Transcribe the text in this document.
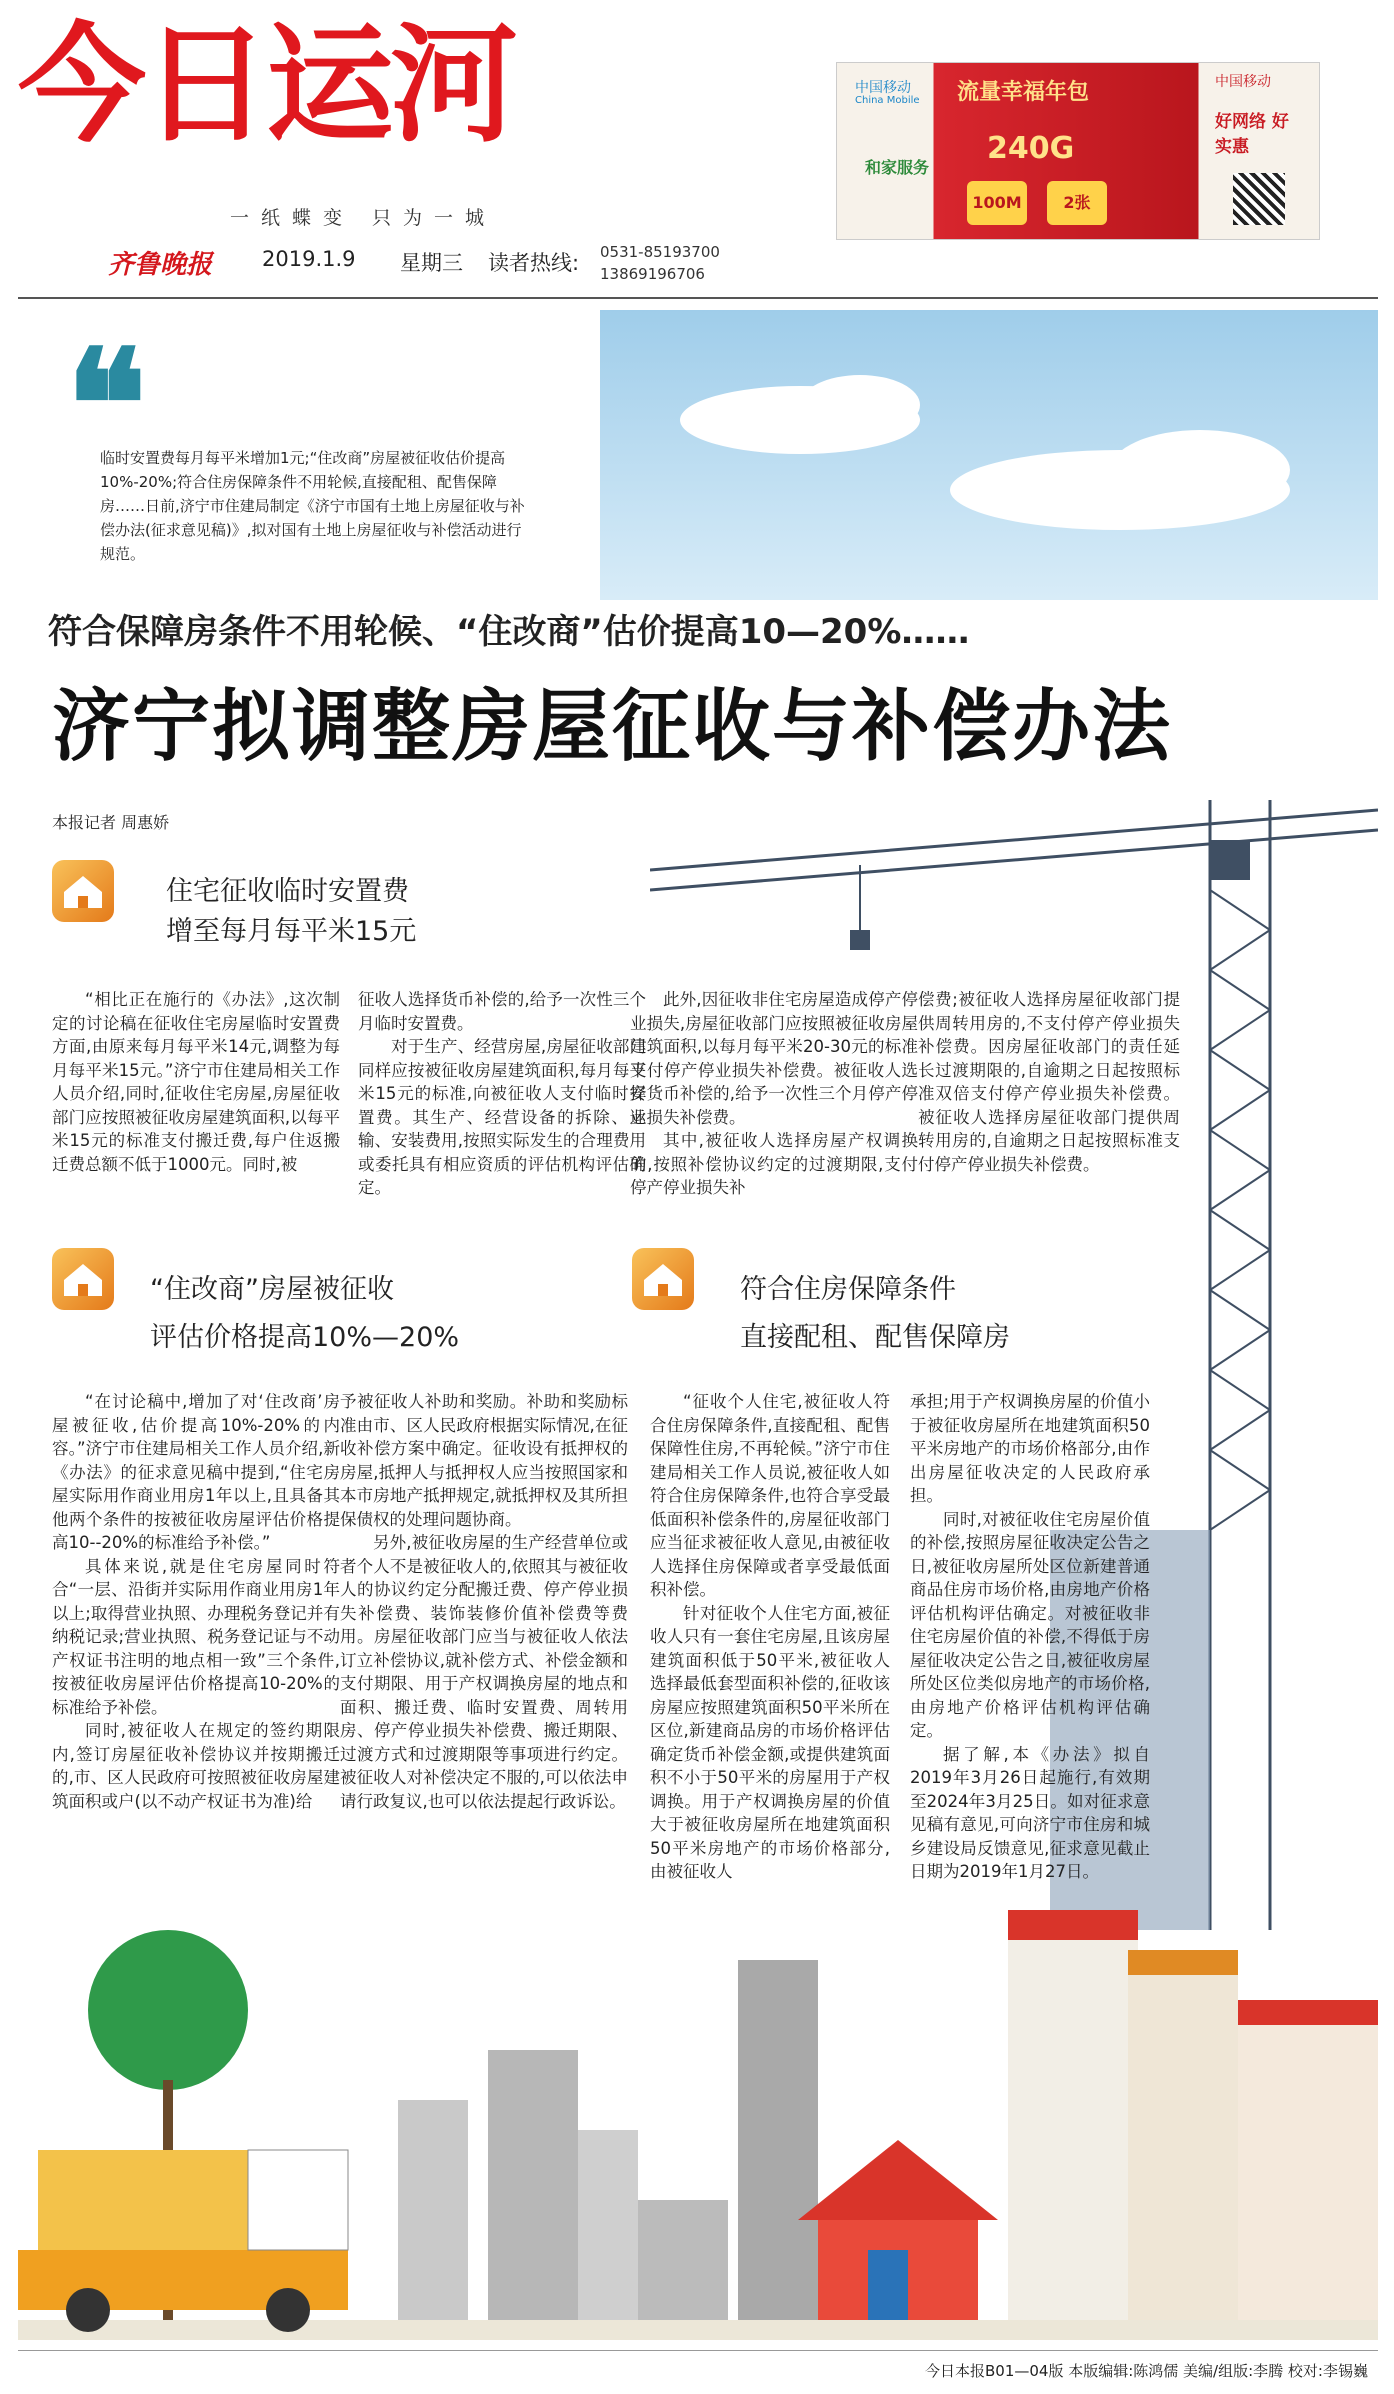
今日运河
一纸蝶变 只为一城
齐鲁晚报 2019.1.9 星期三 读者热线: 0531-85193700
13869196706
中国移动
China Mobile
和家服务
流量幸福年包
240G
100M	2张
中国移动
好网络 好实惠
❝
临时安置费每月每平米增加1元;“住改商”房屋被征收估价提高10%-20%;符合住房保障条件不用轮候,直接配租、配售保障房……日前,济宁市住建局制定《济宁市国有土地上房屋征收与补偿办法(征求意见稿)》,拟对国有土地上房屋征收与补偿活动进行规范。
符合保障房条件不用轮候、“住改商”估价提高10—20%……
济宁拟调整房屋征收与补偿办法
本报记者 周惠娇
住宅征收临时安置费
增至每月每平米15元

“相比正在施行的《办法》,这次制定的讨论稿在征收住宅房屋临时安置费方面,由原来每月每平米14元,调整为每月每平米15元。”济宁市住建局相关工作人员介绍,同时,征收住宅房屋,房屋征收部门应按照被征收房屋建筑面积,以每平米15元的标准支付搬迁费,每户住返搬迁费总额不低于1000元。同时,被

征收人选择货币补偿的,给予一次性三个月临时安置费。

对于生产、经营房屋,房屋征收部门同样应按被征收房屋建筑面积,每月每平米15元的标准,向被征收人支付临时安置费。其生产、经营设备的拆除、运输、安装费用,按照实际发生的合理费用或委托具有相应资质的评估机构评估确定。

此外,因征收非住宅房屋造成停产停业损失,房屋征收部门应按照被征收房屋建筑面积,以每月每平米20-30元的标准支付停产停业损失补偿费。被征收人选择货币补偿的,给予一次性三个月停产停业损失补偿费。

其中,被征收人选择房屋产权调换的,按照补偿协议约定的过渡期限,支付停产停业损失补

偿费;被征收人选择房屋征收部门提供周转用房的,不支付停产停业损失补偿费。因房屋征收部门的责任延长过渡期限的,自逾期之日起按照标准双倍支付停产停业损失补偿费。被征收人选择房屋征收部门提供周转用房的,自逾期之日起按照标准支付停产停业损失补偿费。

“住改商”房屋被征收
评估价格提高10%—20%

“在讨论稿中,增加了对‘住改商’房屋被征收,估价提高10%-20%的内容。”济宁市住建局相关工作人员介绍,新《办法》的征求意见稿中提到,“住宅房屋实际用作商业用房1年以上,且具备其他两个条件的按被征收房屋评估价格提高10--20%的标准给予补偿。”

具体来说,就是住宅房屋同时符合“一层、沿街并实际用作商业用房1年以上;取得营业执照、办理税务登记并有纳税记录;营业执照、税务登记证与不动产权证书注明的地点相一致”三个条件,按被征收房屋评估价格提高10-20%的标准给予补偿。

同时,被征收人在规定的签约期限内,签订房屋征收补偿协议并按期搬迁的,市、区人民政府可按照被征收房屋建筑面积或户(以不动产权证书为准)给

予被征收人补助和奖励。补助和奖励标准由市、区人民政府根据实际情况,在征收补偿方案中确定。征收设有抵押权的房屋,抵押人与抵押权人应当按照国家和本市房地产抵押规定,就抵押权及其所担保债权的处理问题协商。

另外,被征收房屋的生产经营单位或者个人不是被征收人的,依照其与被征收人的协议约定分配搬迁费、停产停业损失补偿费、装饰装修价值补偿费等费用。房屋征收部门应当与被征收人依法订立补偿协议,就补偿方式、补偿金额和支付期限、用于产权调换房屋的地点和面积、搬迁费、临时安置费、周转用房、停产停业损失补偿费、搬迁期限、过渡方式和过渡期限等事项进行约定。被征收人对补偿决定不服的,可以依法申请行政复议,也可以依法提起行政诉讼。

符合住房保障条件
直接配租、配售保障房

“征收个人住宅,被征收人符合住房保障条件,直接配租、配售保障性住房,不再轮候。”济宁市住建局相关工作人员说,被征收人如符合住房保障条件,也符合享受最低面积补偿条件的,房屋征收部门应当征求被征收人意见,由被征收人选择住房保障或者享受最低面积补偿。

针对征收个人住宅方面,被征收人只有一套住宅房屋,且该房屋建筑面积低于50平米,被征收人选择最低套型面积补偿的,征收该房屋应按照建筑面积50平米所在区位,新建商品房的市场价格评估确定货币补偿金额,或提供建筑面积不小于50平米的房屋用于产权调换。用于产权调换房屋的价值大于被征收房屋所在地建筑面积50平米房地产的市场价格部分,由被征收人

承担;用于产权调换房屋的价值小于被征收房屋所在地建筑面积50平米房地产的市场价格部分,由作出房屋征收决定的人民政府承担。

同时,对被征收住宅房屋价值的补偿,按照房屋征收决定公告之日,被征收房屋所处区位新建普通商品住房市场价格,由房地产价格评估机构评估确定。对被征收非住宅房屋价值的补偿,不得低于房屋征收决定公告之日,被征收房屋所处区位类似房地产的市场价格,由房地产价格评估机构评估确定。

据了解,本《办法》拟自2019年3月26日起施行,有效期至2024年3月25日。如对征求意见稿有意见,可向济宁市住房和城乡建设局反馈意见,征求意见截止日期为2019年1月27日。

今日本报B01—04版 本版编辑:陈鸿儒 美编/组版:李腾 校对:李锡巍
